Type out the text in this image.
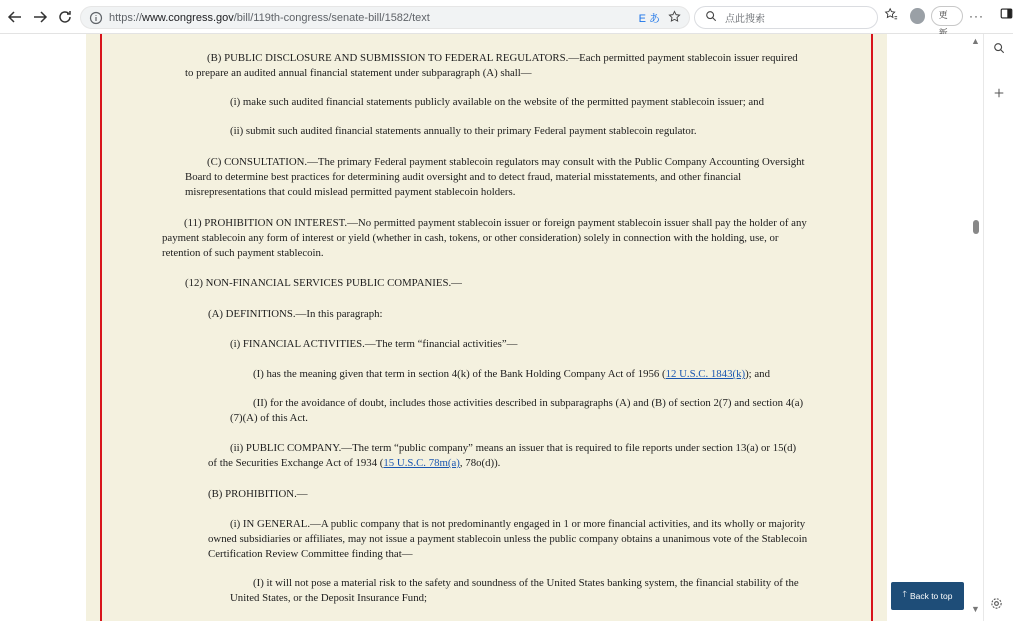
https://www.congress.gov/bill/119th-congress/senate-bill/1582/text	E あ	点此搜索	更	···
(B) PUBLIC DISCLOSURE AND SUBMISSION TO FEDERAL REGULATORS.—Each permitted payment stablecoin issuer required to prepare an audited annual financial statement under subparagraph (A) shall—
(i) make such audited financial statements publicly available on the website of the permitted payment stablecoin issuer; and
(ii) submit such audited financial statements annually to their primary Federal payment stablecoin regulator.
(C) CONSULTATION.—The primary Federal payment stablecoin regulators may consult with the Public Company Accounting Oversight Board to determine best practices for determining audit oversight and to detect fraud, material misstatements, and other financial misrepresentations that could mislead permitted payment stablecoin holders.
(11) PROHIBITION ON INTEREST.—No permitted payment stablecoin issuer or foreign payment stablecoin issuer shall pay the holder of any payment stablecoin any form of interest or yield (whether in cash, tokens, or other consideration) solely in connection with the holding, use, or retention of such payment stablecoin.
(12) NON-FINANCIAL SERVICES PUBLIC COMPANIES.—
(A) DEFINITIONS.—In this paragraph:
(i) FINANCIAL ACTIVITIES.—The term “financial activities”—
(I) has the meaning given that term in section 4(k) of the Bank Holding Company Act of 1956 (12 U.S.C. 1843(k)); and
(II) for the avoidance of doubt, includes those activities described in subparagraphs (A) and (B) of section 2(7) and section 4(a)(7)(A) of this Act.
(ii) PUBLIC COMPANY.—The term “public company” means an issuer that is required to file reports under section 13(a) or 15(d) of the Securities Exchange Act of 1934 (15 U.S.C. 78m(a), 78o(d)).
(B) PROHIBITION.—
(i) IN GENERAL.—A public company that is not predominantly engaged in 1 or more financial activities, and its wholly or majority owned subsidiaries or affiliates, may not issue a payment stablecoin unless the public company obtains a unanimous vote of the Stablecoin Certification Review Committee finding that—
(I) it will not pose a material risk to the safety and soundness of the United States banking system, the financial stability of the United States, or the Deposit Insurance Fund;	🡑 Back to top
▲
▼
